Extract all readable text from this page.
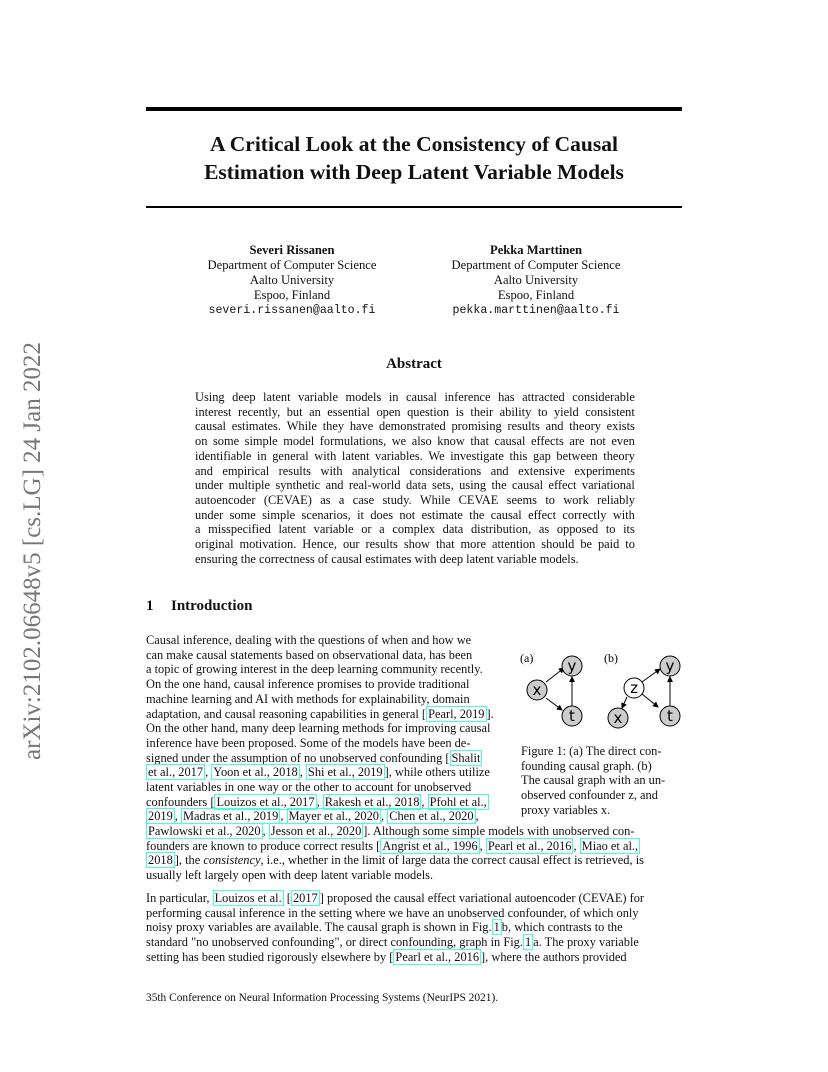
arXiv:2102.06648v5 [cs.LG] 24 Jan 2022
A Critical Look at the Consistency of Causal
Estimation with Deep Latent Variable Models
Severi Rissanen
Department of Computer Science
Aalto University
Espoo, Finland
severi.rissanen@aalto.fi
Pekka Marttinen
Department of Computer Science
Aalto University
Espoo, Finland
pekka.marttinen@aalto.fi
Abstract
Using deep latent variable models in causal inference has attracted considerable
interest recently, but an essential open question is their ability to yield consistent
causal estimates. While they have demonstrated promising results and theory exists
on some simple model formulations, we also know that causal effects are not even
identifiable in general with latent variables. We investigate this gap between theory
and empirical results with analytical considerations and extensive experiments
under multiple synthetic and real-world data sets, using the causal effect variational
autoencoder (CEVAE) as a case study. While CEVAE seems to work reliably
under some simple scenarios, it does not estimate the causal effect correctly with
a misspecified latent variable or a complex data distribution, as opposed to its
original motivation. Hence, our results show that more attention should be paid to
ensuring the correctness of causal estimates with deep latent variable models.
1 Introduction
Causal inference, dealing with the questions of when and how we
can make causal statements based on observational data, has been
a topic of growing interest in the deep learning community recently.
On the one hand, causal inference promises to provide traditional
machine learning and AI with methods for explainability, domain
adaptation, and causal reasoning capabilities in general [ Pearl, 2019 ].
On the other hand, many deep learning methods for improving causal
inference have been proposed. Some of the models have been de-
signed under the assumption of no unobserved confounding [ Shalit
et al., 2017 , Yoon et al., 2018 , Shi et al., 2019 ], while others utilize
latent variables in one way or the other to account for unobserved
confounders [ Louizos et al., 2017 , Rakesh et al., 2018 , Pfohl et al.,
2019 , Madras et al., 2019 , Mayer et al., 2020 , Chen et al., 2020 ,
Pawlowski et al., 2020 , Jesson et al., 2020 ]. Although some simple models with unobserved con-
founders are known to produce correct results [ Angrist et al., 1996 , Pearl et al., 2016 , Miao et al.,
2018 ], the consistency, i.e., whether in the limit of large data the correct causal effect is retrieved, is
usually left largely open with deep latent variable models.
In particular, Louizos et al. [ 2017 ] proposed the causal effect variational autoencoder (CEVAE) for
performing causal inference in the setting where we have an unobserved confounder, of which only
noisy proxy variables are available. The causal graph is shown in Fig. 1 b, which contrasts to the
standard "no unobserved confounding", or direct confounding, graph in Fig. 1 a. The proxy variable
setting has been studied rigorously elsewhere by [ Pearl et al., 2016 ], where the authors provided
(a)	(b)
x
y
t
z
x
y
t
Figure 1: (a) The direct con-
founding causal graph. (b)
The causal graph with an un-
observed confounder z, and
proxy variables x.
35th Conference on Neural Information Processing Systems (NeurIPS 2021).
